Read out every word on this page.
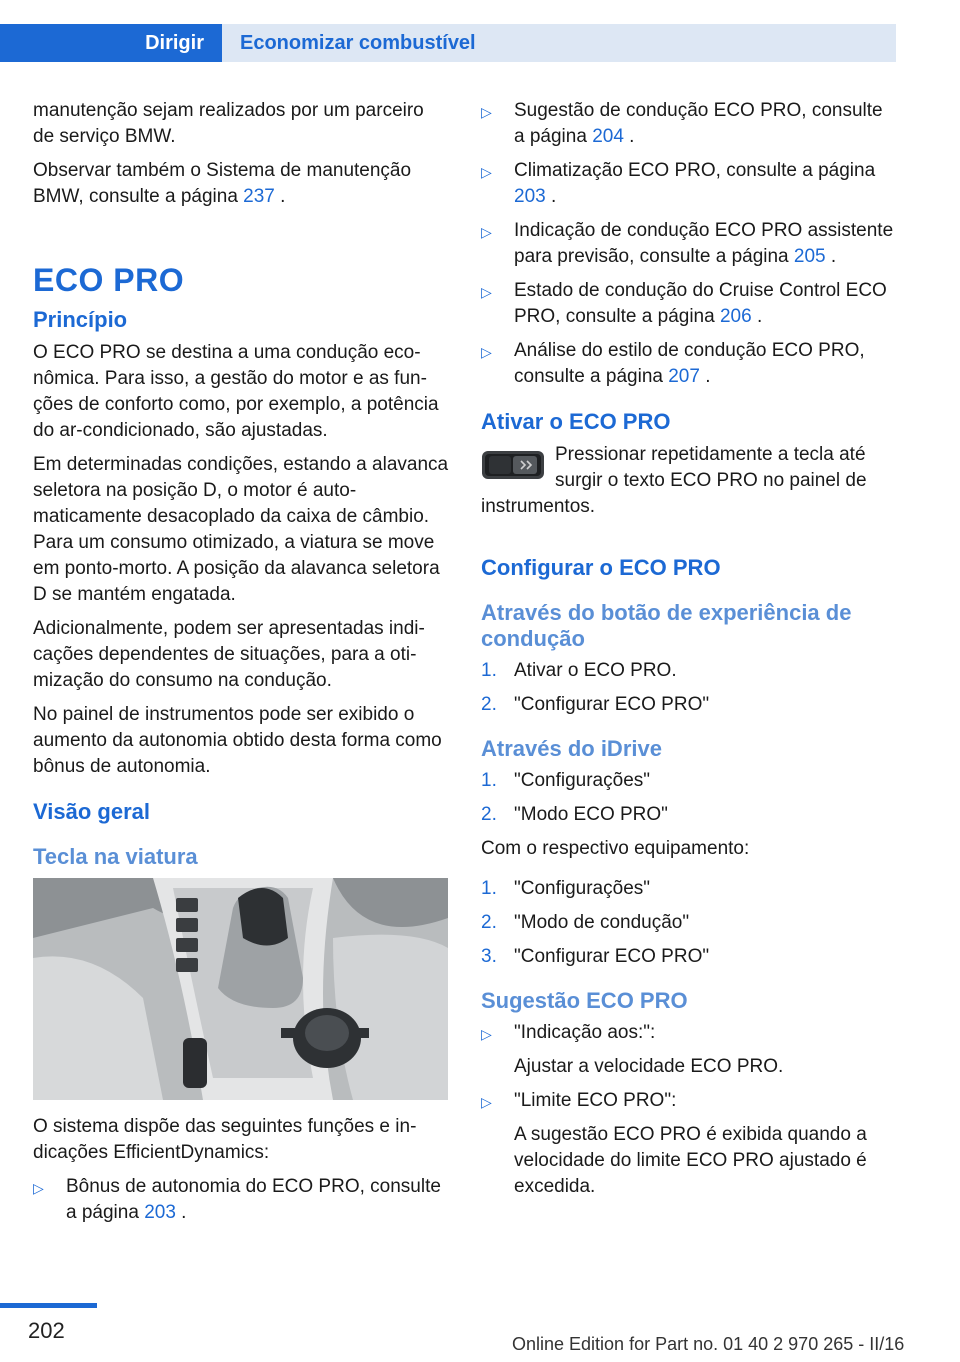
Dirigir	Economizar combustível

manutenção sejam realizados por um parceiro de serviço BMW.

Observar também o Sistema de manutenção BMW, consulte a página 237 .

ECO PRO
Princípio

O ECO PRO se destina a uma condução econômica. Para isso, a gestão do motor e as funções de conforto como, por exemplo, a potência do ar-condicionado, são ajustadas.

Em determinadas condições, estando a alavanca seletora na posição D, o motor é automaticamente desacoplado da caixa de câmbio. Para um consumo otimizado, a viatura se move em ponto-morto. A posição da alavanca seletora D se mantém engatada.

Adicionalmente, podem ser apresentadas indicações dependentes de situações, para a otimização do consumo na condução.

No painel de instrumentos pode ser exibido o aumento da autonomia obtido desta forma como bônus de autonomia.

Visão geral
Tecla na viatura

O sistema dispõe das seguintes funções e indicações EfficientDynamics:

▷ Bônus de autonomia do ECO PRO, consulte a página 203 .
▷ Sugestão de condução ECO PRO, consulte a página 204 .
▷ Climatização ECO PRO, consulte a página 203 .
▷ Indicação de condução ECO PRO assistente para previsão, consulte a página 205 .
▷ Estado de condução do Cruise Control ECO PRO, consulte a página 206 .
▷ Análise do estilo de condução ECO PRO, consulte a página 207 .
Ativar o ECO PRO

Pressionar repetidamente a tecla até surgir o texto ECO PRO no painel de instrumentos.

Configurar o ECO PRO
Através do botão de experiência de condução
1. Ativar o ECO PRO.
2. "Configurar ECO PRO"
Através do iDrive
1. "Configurações"
2. "Modo ECO PRO"

Com o respectivo equipamento:

1. "Configurações"
2. "Modo de condução"
3. "Configurar ECO PRO"
Sugestão ECO PRO
▷ "Indicação aos:":
Ajustar a velocidade ECO PRO.
▷ "Limite ECO PRO":
A sugestão ECO PRO é exibida quando a velocidade do limite ECO PRO ajustado é excedida.
202
Online Edition for Part no. 01 40 2 970 265 - II/16
